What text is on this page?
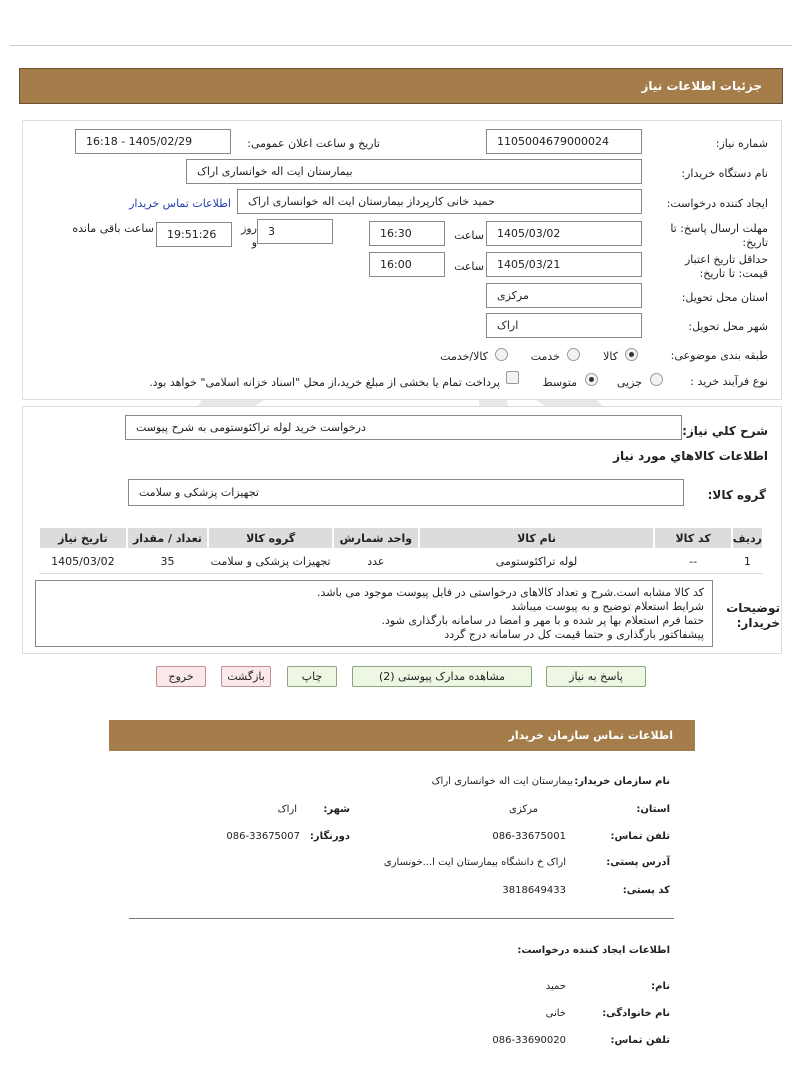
جزئیات اطلاعات نیاز
شماره نیاز:
1105004679000024
تاریخ و ساعت اعلان عمومی:
1405/02/29 - 16:18
نام دستگاه خریدار:
بیمارستان ایت اله خوانساری اراک
ایجاد کننده درخواست:
حمید خانی کارپرداز بیمارستان ایت اله خوانساری اراک
اطلاعات تماس خریدار
مهلت ارسال پاسخ: تا تاریخ:
1405/03/02
ساعت
16:30
3
روز و
19:51:26
ساعت باقی مانده
حداقل تاریخ اعتبار قیمت: تا تاریخ:
1405/03/21
ساعت
16:00
استان محل تحویل:
مرکزی
شهر محل تحویل:
اراک
طبقه بندی موضوعی:
کالا
خدمت
کالا/خدمت
نوع فرآیند خرید :
جزیی
متوسط
پرداخت تمام یا بخشی از مبلغ خرید،از محل "اسناد خزانه اسلامی" خواهد بود.
شرح کلي نياز:
درخواست خرید لوله تراکئوستومی به شرح پیوست
اطلاعات کالاهاي مورد نياز
گروه کالا:
تجهیزات پزشکی و سلامت
رديف	کد کالا	نام کالا	واحد شمارش	گروه کالا	تعداد / مقدار	تاريخ نياز
1	--	لوله تراکئوستومی	عدد	تجهیزات پزشکی و سلامت	35	1405/03/02
توضیحات خریدار:
کد کالا مشابه است.شرح و تعداد کالاهای درخواستی در فایل پیوست موجود می باشد.
شرایط استعلام توضیح و به پیوست میباشد
حتما فرم استعلام بها پر شده و با مهر و امضا در سامانه بارگذاری شود.
پیشفاکتور بارگذاری و حتما قیمت کل در سامانه درج گردد
پاسخ به نیاز
مشاهده مدارک پیوستی (2)
چاپ
بازگشت
خروج
اطلاعات تماس سازمان خریدار
نام سازمان خریدار:
بیمارستان ایت اله خوانساری اراک
استان:
مرکزی
شهر:
اراک
تلفن تماس:
086-33675001
دورنگار:
086-33675007
آدرس پستی:
اراک خ دانشگاه بیمارستان ایت ا...خونساری
کد پستی:
3818649433
اطلاعات ایجاد کننده درخواست:
نام:
حمید
نام خانوادگی:
خانی
تلفن تماس:
086-33690020
